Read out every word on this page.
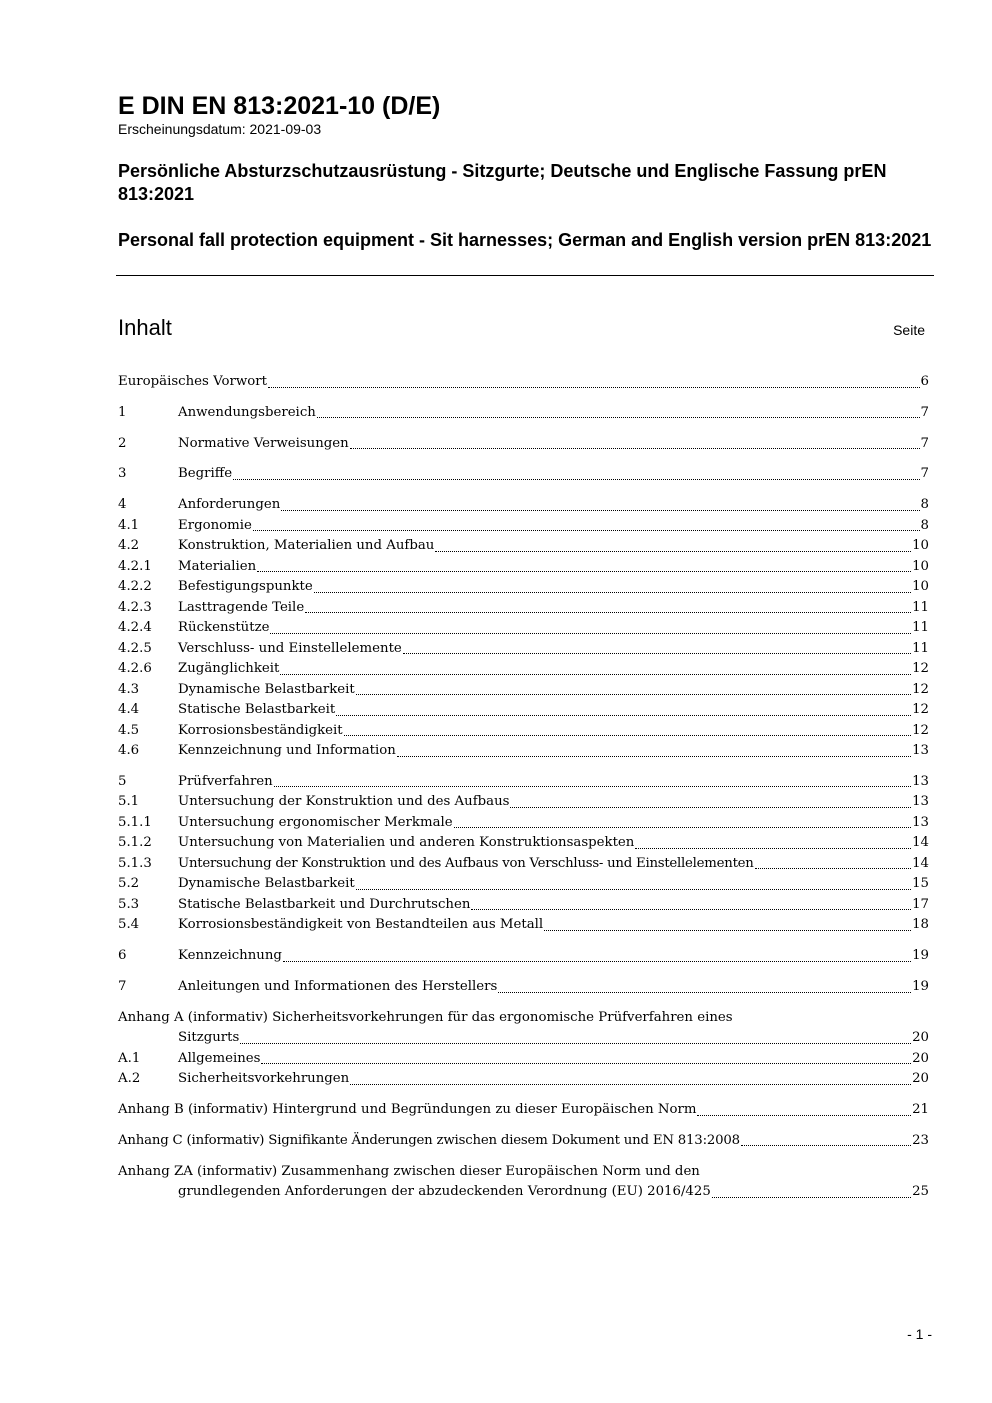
E DIN EN 813:2021-10 (D/E)
Erscheinungsdatum: 2021-09-03
Persönliche Absturzschutzausrüstung - Sitzgurte; Deutsche und Englische Fassung prEN 813:2021
Personal fall protection equipment - Sit harnesses; German and English version prEN 813:2021
Inhalt	Seite
Europäisches Vorwort	6
1	Anwendungsbereich	7
2	Normative Verweisungen	7
3	Begriffe	7
4	Anforderungen	8
4.1	Ergonomie	8
4.2	Konstruktion, Materialien und Aufbau	10
4.2.1	Materialien	10
4.2.2	Befestigungspunkte	10
4.2.3	Lasttragende Teile	11
4.2.4	Rückenstütze	11
4.2.5	Verschluss- und Einstellelemente	11
4.2.6	Zugänglichkeit	12
4.3	Dynamische Belastbarkeit	12
4.4	Statische Belastbarkeit	12
4.5	Korrosionsbeständigkeit	12
4.6	Kennzeichnung und Information	13
5	Prüfverfahren	13
5.1	Untersuchung der Konstruktion und des Aufbaus	13
5.1.1	Untersuchung ergonomischer Merkmale	13
5.1.2	Untersuchung von Materialien und anderen Konstruktionsaspekten	14
5.1.3	Untersuchung der Konstruktion und des Aufbaus von Verschluss- und Einstellelementen	14
5.2	Dynamische Belastbarkeit	15
5.3	Statische Belastbarkeit und Durchrutschen	17
5.4	Korrosionsbeständigkeit von Bestandteilen aus Metall	18
6	Kennzeichnung	19
7	Anleitungen und Informationen des Herstellers	19
Anhang A (informativ) Sicherheitsvorkehrungen für das ergonomische Prüfverfahren eines
Sitzgurts	20
A.1	Allgemeines	20
A.2	Sicherheitsvorkehrungen	20
Anhang B (informativ) Hintergrund und Begründungen zu dieser Europäischen Norm	21
Anhang C (informativ) Signifikante Änderungen zwischen diesem Dokument und EN 813:2008	23
Anhang ZA (informativ) Zusammenhang zwischen dieser Europäischen Norm und den
grundlegenden Anforderungen der abzudeckenden Verordnung (EU) 2016/425	25
- 1 -
